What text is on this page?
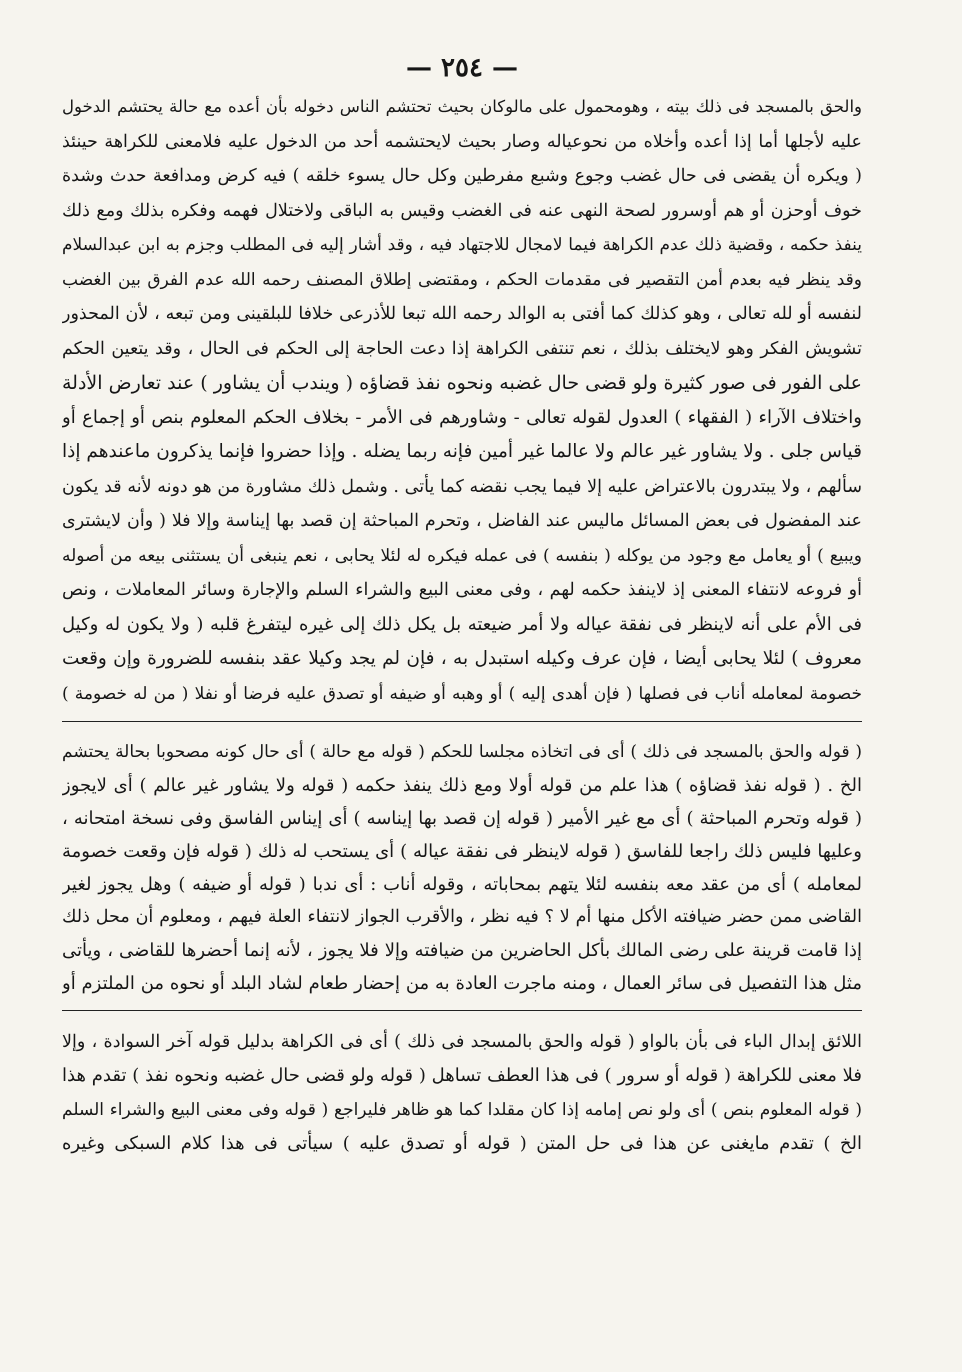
— ٢٥٤ —
والحق بالمسجد فى ذلك بيته ، وهومحمول على مالوكان بحيث تحتشم الناس دخوله بأن أعده مع حالة يحتشم الدخول
عليه لأجلها أما إذا أعده وأخلاه من نحوعياله وصار بحيث لايحتشمه أحد من الدخول عليه فلامعنى للكراهة حينئذ
( ويكره أن يقضى فى حال غضب وجوع وشبع مفرطين وكل حال يسوء خلقه ) فيه كرض ومدافعة حدث وشدة
خوف أوحزن أو هم أوسرور لصحة النهى عنه فى الغضب وقيس به الباقى ولاختلال فهمه وفكره بذلك ومع ذلك
ينفذ حكمه ، وقضية ذلك عدم الكراهة فيما لامجال للاجتهاد فيه ، وقد أشار إليه فى المطلب وجزم به ابن عبدالسلام
وقد ينظر فيه بعدم أمن التقصير فى مقدمات الحكم ، ومقتضى إطلاق المصنف رحمه الله عدم الفرق بين الغضب
لنفسه أو لله تعالى ، وهو كذلك كما أفتى به الوالد رحمه الله تبعا للأذرعى خلافا للبلقينى ومن تبعه ، لأن المحذور
تشويش الفكر وهو لايختلف بذلك ، نعم تنتفى الكراهة إذا دعت الحاجة إلى الحكم فى الحال ، وقد يتعين الحكم
على الفور فى صور كثيرة ولو قضى حال غضبه ونحوه نفذ قضاؤه ( ويندب أن يشاور ) عند تعارض الأدلة
واختلاف الآراء ( الفقهاء ) العدول لقوله تعالى - وشاورهم فى الأمر - بخلاف الحكم المعلوم بنص أو إجماع أو
قياس جلى . ولا يشاور غير عالم ولا عالما غير أمين فإنه ربما يضله . وإذا حضروا فإنما يذكرون ماعندهم إذا
سألهم ، ولا يبتدرون بالاعتراض عليه إلا فيما يجب نقضه كما يأتى . وشمل ذلك مشاورة من هو دونه لأنه قد يكون
عند المفضول فى بعض المسائل ماليس عند الفاضل ، وتحرم المباحثة إن قصد بها إيناسة وإلا فلا ( وأن لايشترى
ويبيع ) أو يعامل مع وجود من يوكله ( بنفسه ) فى عمله فيكره له لئلا يحابى ، نعم ينبغى أن يستثنى بيعه من أصوله
أو فروعه لانتفاء المعنى إذ لاينفذ حكمه لهم ، وفى معنى البيع والشراء السلم والإجارة وسائر المعاملات ، ونص
فى الأم على أنه لاينظر فى نفقة عياله ولا أمر ضيعته بل يكل ذلك إلى غيره ليتفرغ قلبه ( ولا يكون له وكيل
معروف ) لئلا يحابى أيضا ، فإن عرف وكيله استبدل به ، فإن لم يجد وكيلا عقد بنفسه للضرورة وإن وقعت
خصومة لمعامله أناب فى فصلها ( فإن أهدى إليه ) أو وهبه أو ضيفه أو تصدق عليه فرضا أو نفلا ( من له خصومة )
( قوله والحق بالمسجد فى ذلك ) أى فى اتخاذه مجلسا للحكم ( قوله مع حالة ) أى حال كونه مصحوبا بحالة يحتشم
الخ . ( قوله نفذ قضاؤه ) هذا علم من قوله أولا ومع ذلك ينفذ حكمه ( قوله ولا يشاور غير عالم ) أى لايجوز
( قوله وتحرم المباحثة ) أى مع غير الأمير ( قوله إن قصد بها إيناسه ) أى إيناس الفاسق وفى نسخة امتحانه ،
وعليها فليس ذلك راجعا للفاسق ( قوله لاينظر فى نفقة عياله ) أى يستحب له ذلك ( قوله فإن وقعت خصومة
لمعامله ) أى من عقد معه بنفسه لئلا يتهم بمحاباته ، وقوله أناب : أى ندبا ( قوله أو ضيفه ) وهل يجوز لغير
القاضى ممن حضر ضيافته الأكل منها أم لا ؟ فيه نظر ، والأقرب الجواز لانتفاء العلة فيهم ، ومعلوم أن محل ذلك
إذا قامت قرينة على رضى المالك بأكل الحاضرين من ضيافته وإلا فلا يجوز ، لأنه إنما أحضرها للقاضى ، ويأتى
مثل هذا التفصيل فى سائر العمال ، ومنه ماجرت العادة به من إحضار طعام لشاد البلد أو نحوه من الملتزم أو
اللائق إبدال الباء فى بأن بالواو ( قوله والحق بالمسجد فى ذلك ) أى فى الكراهة بدليل قوله آخر السوادة ، وإلا
فلا معنى للكراهة ( قوله أو سرور ) فى هذا العطف تساهل ( قوله ولو قضى حال غضبه ونحوه نفذ ) تقدم هذا
( قوله المعلوم بنص ) أى ولو نص إمامه إذا كان مقلدا كما هو ظاهر فليراجع ( قوله وفى معنى البيع والشراء السلم
الخ ) تقدم مايغنى عن هذا فى حل المتن ( قوله أو تصدق عليه ) سيأتى فى هذا كلام السبكى وغيره
